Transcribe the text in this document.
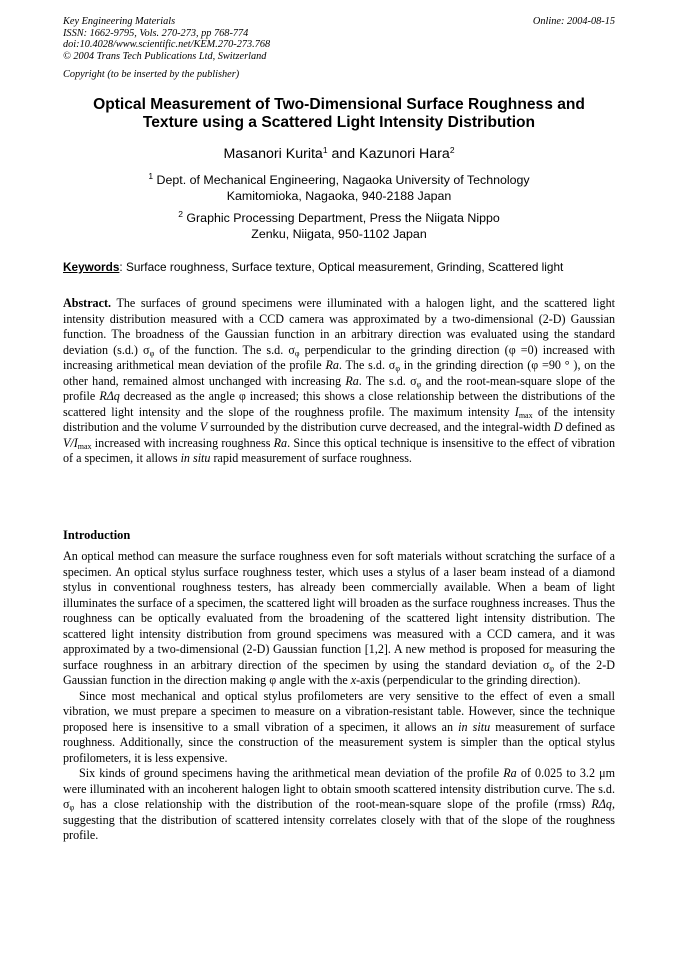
Key Engineering Materials	Online: 2004-08-15
ISSN: 1662-9795, Vols. 270-273, pp 768-774
doi:10.4028/www.scientific.net/KEM.270-273.768
© 2004 Trans Tech Publications Ltd, Switzerland
Copyright (to be inserted by the publisher)
Optical Measurement of Two-Dimensional Surface Roughness and
Texture using a Scattered Light Intensity Distribution
Masanori Kurita$^1$ and Kazunori Hara$^2$
$^1$ Dept. of Mechanical Engineering, Nagaoka University of Technology
Kamitomioka, Nagaoka, 940-2188 Japan
$^2$ Graphic Processing Department, Press the Niigata Nippo
Zenku, Niigata, 950-1102 Japan
Keywords: Surface roughness, Surface texture, Optical measurement, Grinding, Scattered light
Abstract. The surfaces of ground specimens were illuminated with a halogen light, and the scattered light intensity distribution measured with a CCD camera was approximated by a two-dimensional (2-D) Gaussian function. The broadness of the Gaussian function in an arbitrary direction was evaluated using the standard deviation (s.d.) $\sigma_\varphi$ of the function. The s.d. $\sigma_\varphi$ perpendicular to the grinding direction (φ =0) increased with increasing arithmetical mean deviation of the profile Ra. The s.d. $\sigma_\varphi$ in the grinding direction (φ =90 ° ), on the other hand, remained almost unchanged with increasing Ra. The s.d. $\sigma_\varphi$ and the root-mean-square slope of the profile RΔq decreased as the angle φ increased; this shows a close relationship between the distributions of the scattered light intensity and the slope of the roughness profile. The maximum intensity $I_{max}$ of the intensity distribution and the volume V surrounded by the distribution curve decreased, and the integral-width D defined as $V/I_{max}$ increased with increasing roughness Ra. Since this optical technique is insensitive to the effect of vibration of a specimen, it allows in situ rapid measurement of surface roughness.
Introduction

An optical method can measure the surface roughness even for soft materials without scratching the surface of a specimen. An optical stylus surface roughness tester, which uses a stylus of a laser beam instead of a diamond stylus in conventional roughness testers, has already been commercially available. When a beam of light illuminates the surface of a specimen, the scattered light will broaden as the surface roughness increases. Thus the roughness can be optically evaluated from the broadening of the scattered light intensity distribution. The scattered light intensity distribution from ground specimens was measured with a CCD camera, and it was approximated by a two-dimensional (2-D) Gaussian function [1,2]. A new method is proposed for measuring the surface roughness in an arbitrary direction of the specimen by using the standard deviation $\sigma_\varphi$ of the 2-D Gaussian function in the direction making φ angle with the x-axis (perpendicular to the grinding direction).

Since most mechanical and optical stylus profilometers are very sensitive to the effect of even a small vibration, we must prepare a specimen to measure on a vibration-resistant table. However, since the technique proposed here is insensitive to a small vibration of a specimen, it allows an in situ measurement of surface roughness. Additionally, since the construction of the measurement system is simpler than the optical stylus profilometers, it is less expensive.

Six kinds of ground specimens having the arithmetical mean deviation of the profile Ra of 0.025 to 3.2 μm were illuminated with an incoherent halogen light to obtain smooth scattered intensity distribution curve. The s.d. $\sigma_\varphi$ has a close relationship with the distribution of the root-mean-square slope of the profile (rmss) RΔq, suggesting that the distribution of scattered intensity correlates closely with that of the slope of the roughness profile.
